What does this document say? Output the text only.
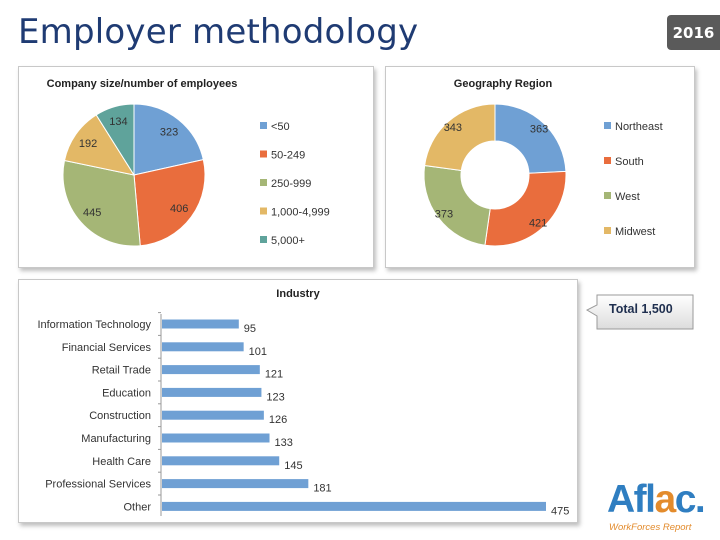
Employer methodology	2016
Company size/number of employees
323
406
445
192
134	<50
50-249
250-999
1,000-4,999
5,000+
Geography Region
363
421
373
343	Northeast
South
West
Midwest
Industry
Information Technology	95
Financial Services	101
Retail Trade	121
Education	123
Construction	126
Manufacturing	133
Health Care	145
Professional Services	181
Other	475
Total 1,500
Aflac.
WorkForces Report
